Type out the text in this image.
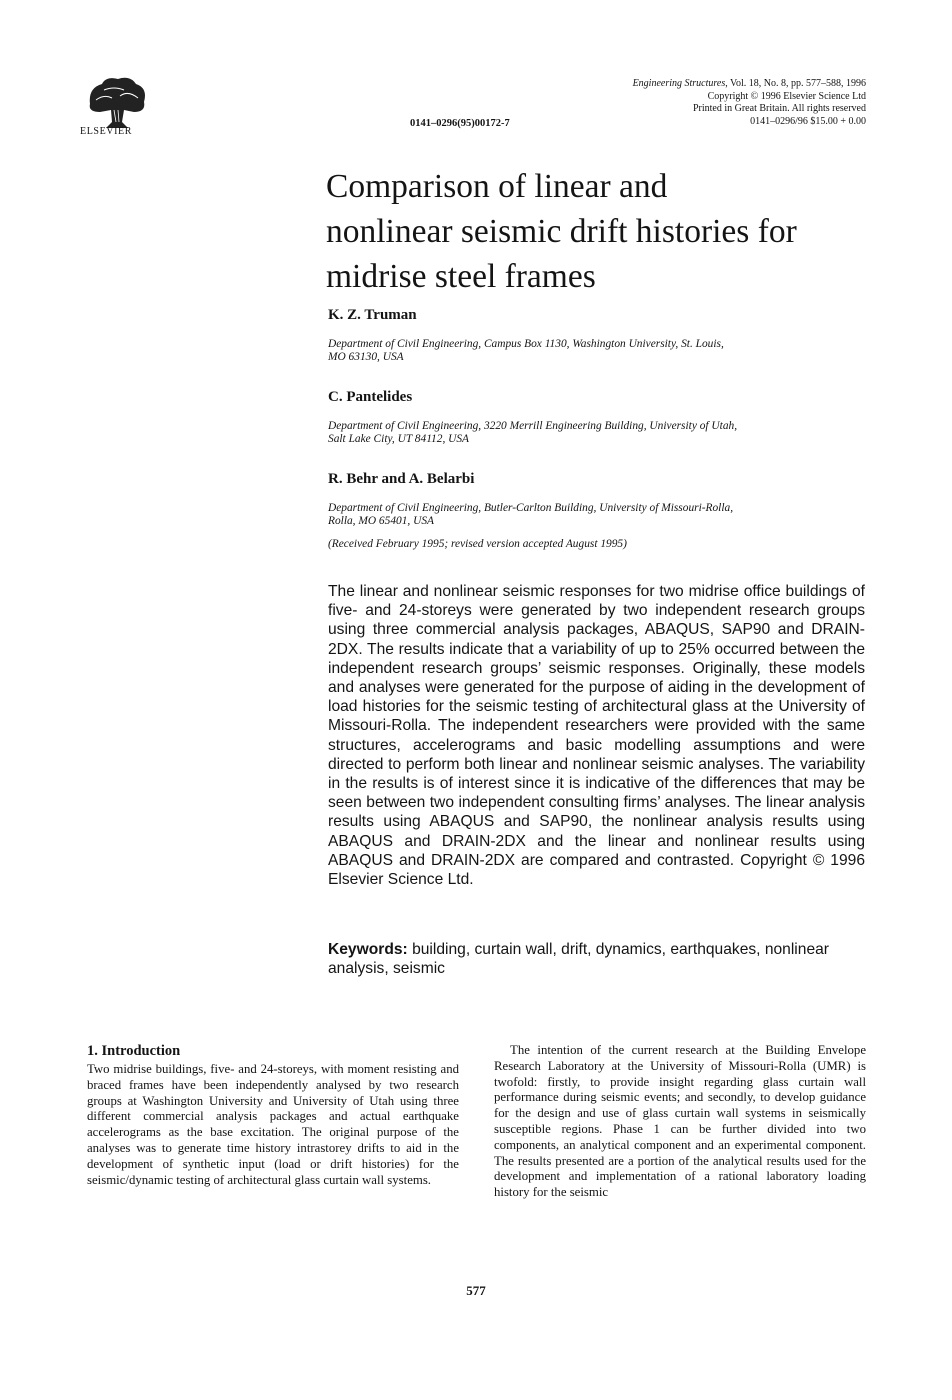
ELSEVIER
0141–0296(95)00172-7
Engineering Structures, Vol. 18, No. 8, pp. 577–588, 1996
Copyright © 1996 Elsevier Science Ltd
Printed in Great Britain. All rights reserved
0141–0296/96 $15.00 + 0.00
Comparison of linear and
nonlinear seismic drift histories for
midrise steel frames
K. Z. Truman
Department of Civil Engineering, Campus Box 1130, Washington University, St. Louis,
MO 63130, USA
C. Pantelides
Department of Civil Engineering, 3220 Merrill Engineering Building, University of Utah,
Salt Lake City, UT 84112, USA
R. Behr and A. Belarbi
Department of Civil Engineering, Butler-Carlton Building, University of Missouri-Rolla,
Rolla, MO 65401, USA
(Received February 1995; revised version accepted August 1995)

The linear and nonlinear seismic responses for two midrise office buildings of five- and 24-storeys were generated by two independent research groups using three commercial analysis packages, ABAQUS, SAP90 and DRAIN-2DX. The results indicate that a variability of up to 25% occurred between the independent research groups’ seismic responses. Originally, these models and analyses were generated for the purpose of aiding in the development of load histories for the seismic testing of architectural glass at the University of Missouri-Rolla. The independent researchers were provided with the same structures, accelerograms and basic modelling assumptions and were directed to perform both linear and nonlinear seismic analyses. The variability in the results is of interest since it is indicative of the differences that may be seen between two independent consulting firms’ analyses. The linear analysis results using ABAQUS and SAP90, the nonlinear analysis results using ABAQUS and DRAIN-2DX and the linear and nonlinear results using ABAQUS and DRAIN-2DX are compared and contrasted. Copyright © 1996 Elsevier Science Ltd.

Keywords: building, curtain wall, drift, dynamics, earthquakes, nonlinear analysis, seismic

1. Introduction

Two midrise buildings, five- and 24-storeys, with moment resisting and braced frames have been independently analysed by two research groups at Washington University and University of Utah using three different commercial analysis packages and actual earthquake accelerograms as the base excitation. The original purpose of the analyses was to generate time history intrastorey drifts to aid in the development of synthetic input (load or drift histories) for the seismic/dynamic testing of architectural glass curtain wall systems.

The intention of the current research at the Building Envelope Research Laboratory at the University of Missouri-Rolla (UMR) is twofold: firstly, to provide insight regarding glass curtain wall performance during seismic events; and secondly, to develop guidance for the design and use of glass curtain wall systems in seismically susceptible regions. Phase 1 can be further divided into two components, an analytical component and an experimental component. The results presented are a portion of the analytical results used for the development and implementation of a rational laboratory loading history for the seismic

577
